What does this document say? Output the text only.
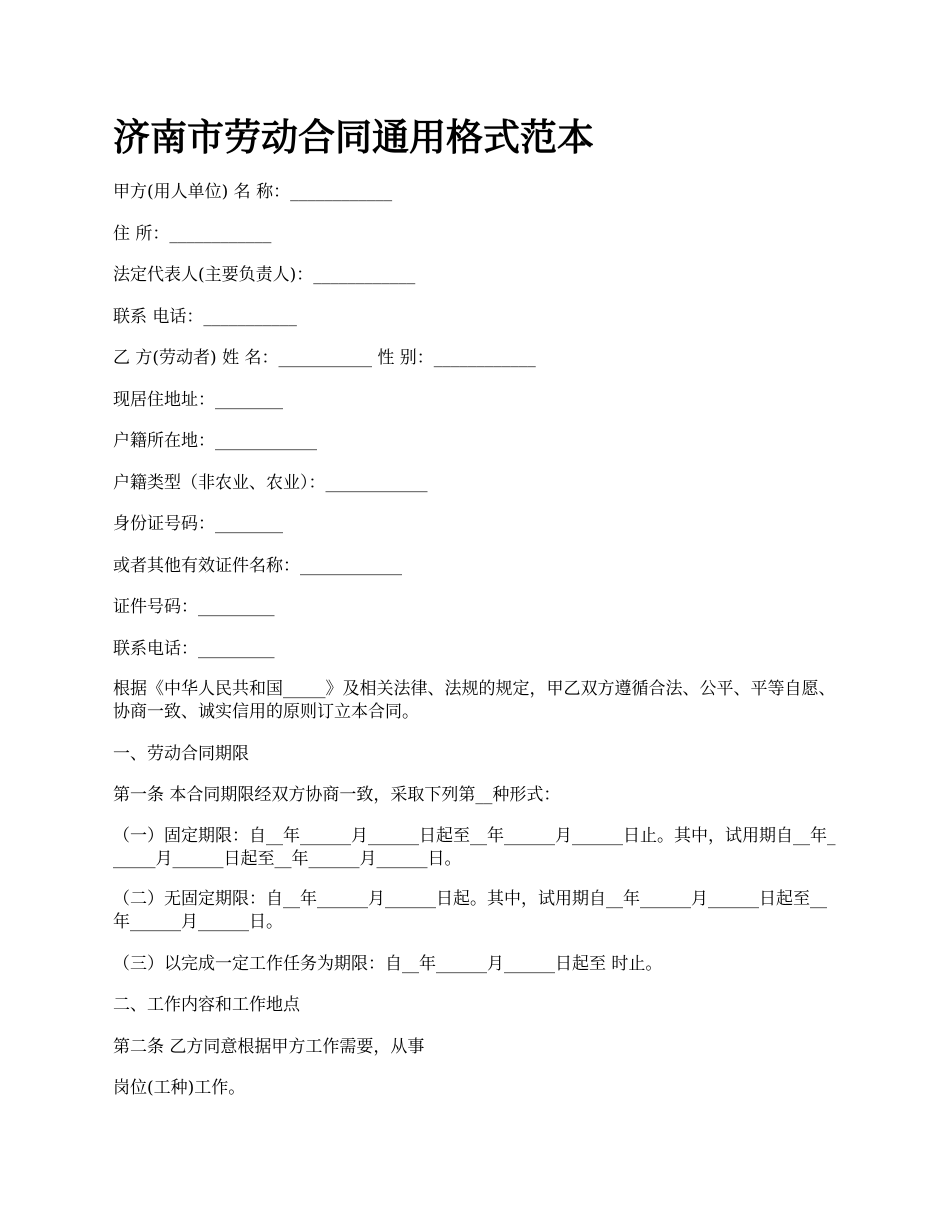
济南市劳动合同通用格式范本
甲方(用人单位) 名 称：____________
住 所：____________
法定代表人(主要负责人)：____________
联系 电话：___________
乙 方(劳动者) 姓 名：___________ 性 别：____________
现居住地址：________
户籍所在地：____________
户籍类型（非农业、农业）：____________
身份证号码：________
或者其他有效证件名称：____________
证件号码：_________
联系电话：_________
根据《中华人民共和国_____》及相关法律、法规的规定，甲乙双方遵循合法、公平、平等自愿、 协商一致、诚实信用的原则订立本合同。
一、劳动合同期限
第一条 本合同期限经双方协商一致，采取下列第__种形式：
（一）固定期限：自__年______月______日起至__年______月______日止。其中，试用期自__年______月______日起至__年______月______日。
（二）无固定期限：自__年______月______日起。其中，试用期自__年______月______日起至__年______月______日。
（三）以完成一定工作任务为期限：自__年______月______日起至 时止。
二、工作内容和工作地点
第二条 乙方同意根据甲方工作需要，从事
岗位(工种)工作。
